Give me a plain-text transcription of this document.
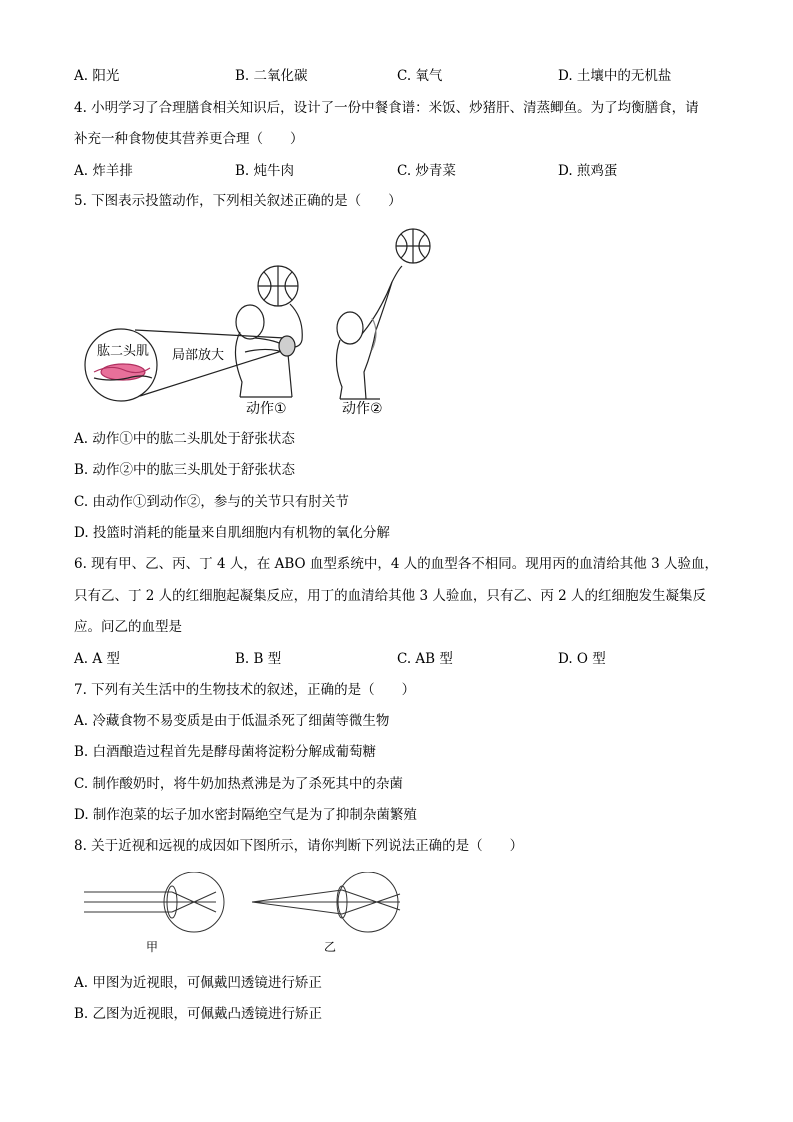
A. 阳光	B. 二氧化碳	C. 氧气	D. 土壤中的无机盐
4. 小明学习了合理膳食相关知识后，设计了一份中餐食谱：米饭、炒猪肝、清蒸鲫鱼。为了均衡膳食，请
补充一种食物使其营养更合理（　　）
A. 炸羊排	B. 炖牛肉	C. 炒青菜	D. 煎鸡蛋
5. 下图表示投篮动作，下列相关叙述正确的是（　　）
肱二头肌 局部放大
动作①	动作②
A. 动作①中的肱二头肌处于舒张状态
B. 动作②中的肱三头肌处于舒张状态
C. 由动作①到动作②，参与的关节只有肘关节
D. 投篮时消耗的能量来自肌细胞内有机物的氧化分解
6. 现有甲、乙、丙、丁 4 人，在 ABO 血型系统中，4 人的血型各不相同。现用丙的血清给其他 3 人验血，
只有乙、丁 2 人的红细胞起凝集反应，用丁的血清给其他 3 人验血，只有乙、丙 2 人的红细胞发生凝集反
应。问乙的血型是
A. A 型	B. B 型	C. AB 型	D. O 型
7. 下列有关生活中的生物技术的叙述，正确的是（　　）
A. 冷藏食物不易变质是由于低温杀死了细菌等微生物
B. 白酒酿造过程首先是酵母菌将淀粉分解成葡萄糖
C. 制作酸奶时，将牛奶加热煮沸是为了杀死其中的杂菌
D. 制作泡菜的坛子加水密封隔绝空气是为了抑制杂菌繁殖
8. 关于近视和远视的成因如下图所示，请你判断下列说法正确的是（　　）
甲	乙
A. 甲图为近视眼，可佩戴凹透镜进行矫正
B. 乙图为近视眼，可佩戴凸透镜进行矫正
